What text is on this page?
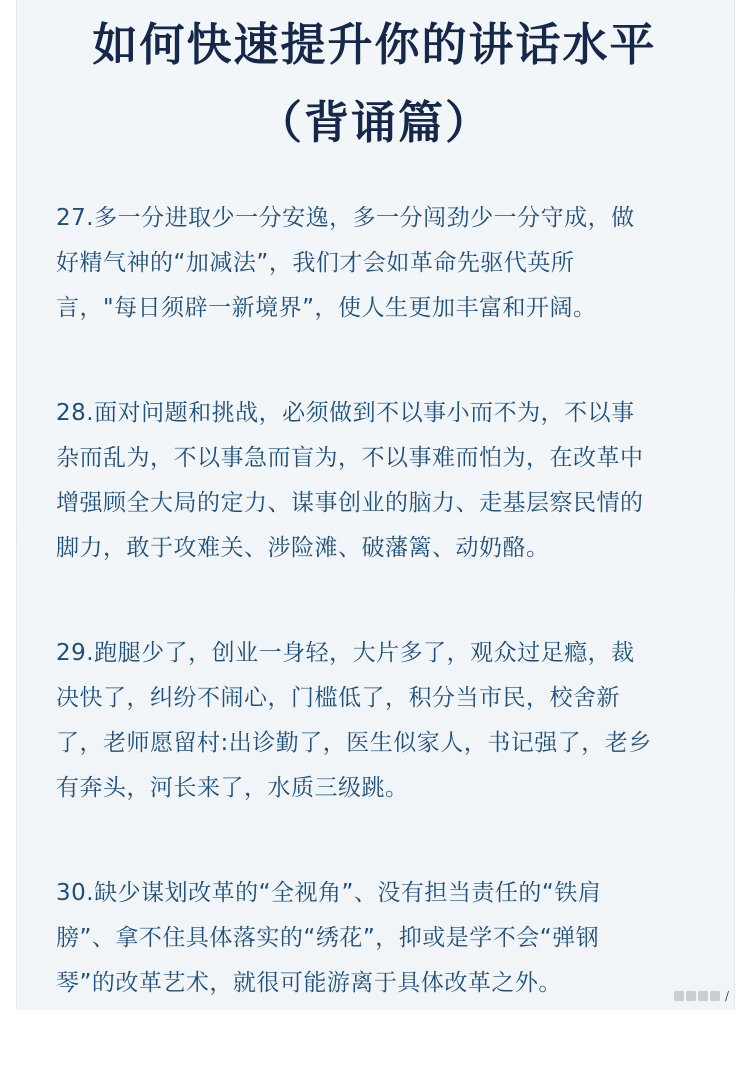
如何快速提升你的讲话水平
（背诵篇）

27.多一分进取少一分安逸，多一分闯劲少一分守成，做
好精气神的“加减法”，我们才会如革命先驱代英所
言，"每日须辟一新境界”，使人生更加丰富和开阔。

28.面对问题和挑战，必须做到不以事小而不为，不以事
杂而乱为，不以事急而盲为，不以事难而怕为，在改革中
增强顾全大局的定力、谋事创业的脑力、走基层察民情的
脚力，敢于攻难关、涉险滩、破藩篱、动奶酪。

29.跑腿少了，创业一身轻，大片多了，观众过足瘾，裁
决快了，纠纷不闹心，门槛低了，积分当市民，校舍新
了，老师愿留村:出诊勤了，医生似家人，书记强了，老乡
有奔头，河长来了，水质三级跳。

30.缺少谋划改革的“全视角”、没有担当责任的“铁肩
膀”、拿不住具体落实的“绣花”，抑或是学不会“弹钢
琴”的改革艺术，就很可能游离于具体改革之外。	/
